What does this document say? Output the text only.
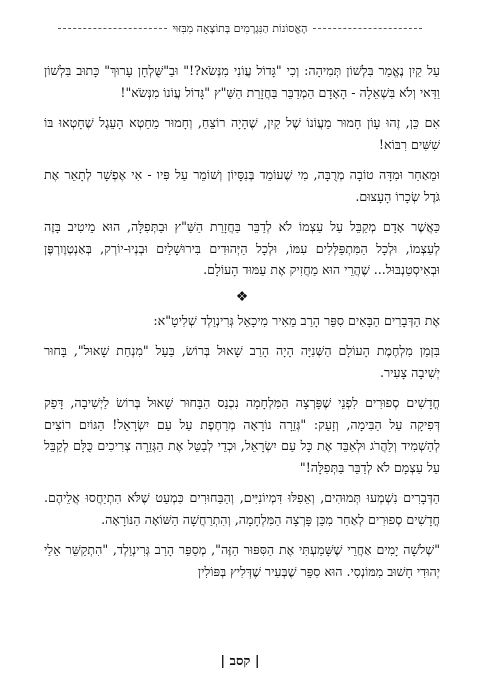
הָאֱסוֹנוֹת הַנִּגְרָמִים בְּתוֹצָאָה מִבִּזּוּי

עַל קַיִן נֶאֱמַר בִּלְשׁוֹן תְּמִיהָה: וְכִי "גָּדוֹל עֲוֹנִי מִנְּשֹׂא?!" וּבַ"שֻּׁלְחָן עָרוּךְ" כָּתוּב בִּלְשׁוֹן וַדַּאי וְלֹא בִּשְׁאֵלָה - הָאָדָם הַמְדַבֵּר בַּחֲזָרַת הַשַּׁ"ץ "גָּדוֹל עֲוֹנוֹ מִנְּשֹׂא"!

אִם כֵּן, זֶהוּ עָוֹן חָמוּר מֵעֲוֹנוֹ שֶׁל קַיִן, שֶׁהָיָה רוֹצֵחַ, וְחָמוּר מֵחֵטְא הָעֵגֶל שֶׁחָטְאוּ בּוֹ שִׁשִּׁים רִבּוֹא!

וּמֵאַחַר וּמִדָּה טוֹבָה מְרֻבָּה, מִי שֶׁעוֹמֵד בְּנִסָּיוֹן וְשׁוֹמֵר עַל פִּיו - אִי אֶפְשָׁר לְתָאֵר אֶת גֹּדֶל שְׂכָרוֹ הָעָצוּם.

כַּאֲשֶׁר אָדָם מְקַבֵּל עַל עַצְמוֹ לֹא לְדַבֵּר בַּחֲזָרַת הַשַּׁ"ץ וּבַתְּפִלָּה, הוּא מֵיטִיב בָּזֶה לְעַצְמוֹ, וּלְכָל הַמִּתְפַּלְּלִים עִמּוֹ, וּלְכָל הַיְּהוּדִים בִּירוּשָׁלַיִם וּבְנְיוּ-יוֹרְק, בְּאַנְטְוֶורְפֶּן וּבְאִיסְטַנְבּוּל... שֶׁהֲרֵי הוּא מַחֲזִיק אֶת עַמּוּד הָעוֹלָם.

❖

אֶת הַדְּבָרִים הַבָּאִים סִפֵּר הָרַב מֵאִיר מִיכָאֵל גְּרִינְוַלְד שְׁלִיטָ"א:

בִּזְמַן מִלְחֶמֶת הָעוֹלָם הַשְּׁנִיָּה הָיָה הָרַב שָׁאוּל בְּרוֹשׂ, בַּעַל "מִנְחַת שָׁאוּל", בָּחוּר יְשִׁיבָה צָעִיר.

חֳדָשִׁים סְפוּרִים לִפְנֵי שֶׁפָּרְצָה הַמִּלְחָמָה נִכְנַס הַבָּחוּר שָׁאוּל בְּרוֹשׂ לַיְשִׁיבָה, דָּפַק דְּפִיקָה עַל הַבִּימָה, וְזָעַק: "גְּזֵרָה נוֹרָאָה מְרַחֶפֶת עַל עַם יִשְׂרָאֵל! הַגּוֹיִם רוֹצִים לְהַשְׁמִיד וְלַהֲרֹג וּלְאַבֵּד אֶת כָּל עַם יִשְׂרָאֵל, וּכְדֵי לְבַטֵּל אֶת הַגְּזֵרָה צְרִיכִים כֻּלָּם לְקַבֵּל עַל עַצְמָם לֹא לְדַבֵּר בַּתְּפִלָּה!"

הַדְּבָרִים נִשְׁמְעוּ תְּמוּהִים, וְאֵפִלּוּ דִּמְיוֹנִיִּים, וְהַבַּחוּרִים כִּמְעַט שֶׁלֹּא הִתְיַחֲסוּ אֲלֵיהֶם. חֳדָשִׁים סְפוּרִים לְאַחַר מִכֵּן פָּרְצָה הַמִּלְחָמָה, וְהִתְרַחֲשָׁה הַשּׁוֹאָה הַנּוֹרָאָה.

"שְׁלֹשָׁה יָמִים אַחֲרֵי שֶׁשָּׁמַעְתִּי אֶת הַסִּפּוּר הַזֶּה", מְסַפֵּר הָרַב גְּרִינְוַלְד, "הִתְקַשֵּׁר אֵלַי יְהוּדִי חָשׁוּב מִמּוֹנְסִי. הוּא סִפֵּר שֶׁבְּעִיר שֶׁדְּלִיץ בְּפּוֹלִין

| קסב |
